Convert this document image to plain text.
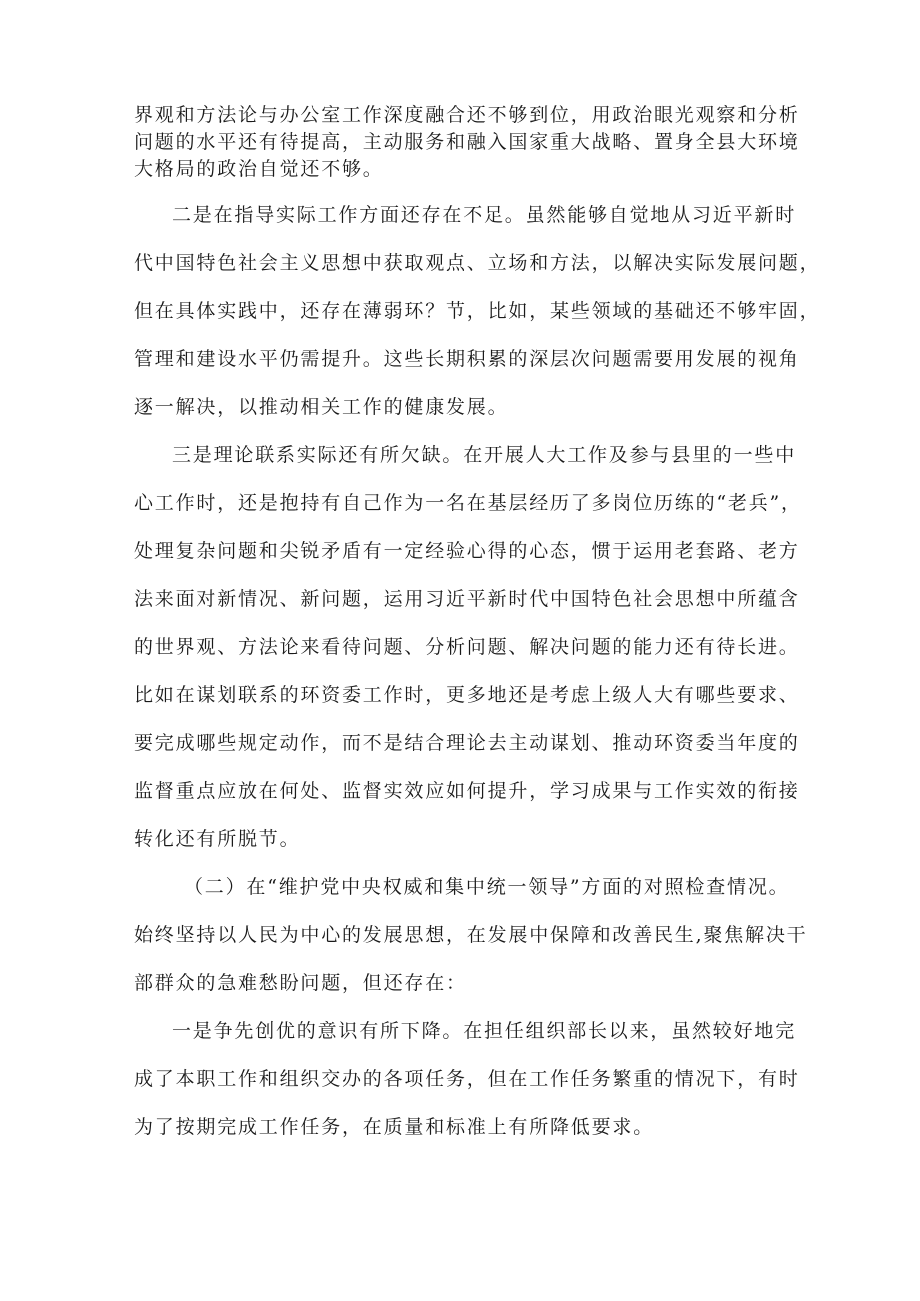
界观和方法论与办公室工作深度融合还不够到位，用政治眼光观察和分析
问题的水平还有待提高，主动服务和融入国家重大战略、置身全县大环境
大格局的政治自觉还不够。
二是在指导实际工作方面还存在不足。虽然能够自觉地从习近平新时
代中国特色社会主义思想中获取观点、立场和方法，以解决实际发展问题，
但在具体实践中，还存在薄弱环？节，比如，某些领域的基础还不够牢固，
管理和建设水平仍需提升。这些长期积累的深层次问题需要用发展的视角
逐一解决，以推动相关工作的健康发展。
三是理论联系实际还有所欠缺。在开展人大工作及参与县里的一些中
心工作时，还是抱持有自己作为一名在基层经历了多岗位历练的“老兵”，
处理复杂问题和尖锐矛盾有一定经验心得的心态，惯于运用老套路、老方
法来面对新情况、新问题，运用习近平新时代中国特色社会思想中所蕴含
的世界观、方法论来看待问题、分析问题、解决问题的能力还有待长进。
比如在谋划联系的环资委工作时，更多地还是考虑上级人大有哪些要求、
要完成哪些规定动作，而不是结合理论去主动谋划、推动环资委当年度的
监督重点应放在何处、监督实效应如何提升，学习成果与工作实效的衔接
转化还有所脱节。
（二）在“维护党中央权威和集中统一领导”方面的对照检查情况。
始终坚持以人民为中心的发展思想，在发展中保障和改善民生,聚焦解决干
部群众的急难愁盼问题，但还存在：
一是争先创优的意识有所下降。在担任组织部长以来，虽然较好地完
成了本职工作和组织交办的各项任务，但在工作任务繁重的情况下，有时
为了按期完成工作任务，在质量和标准上有所降低要求。
